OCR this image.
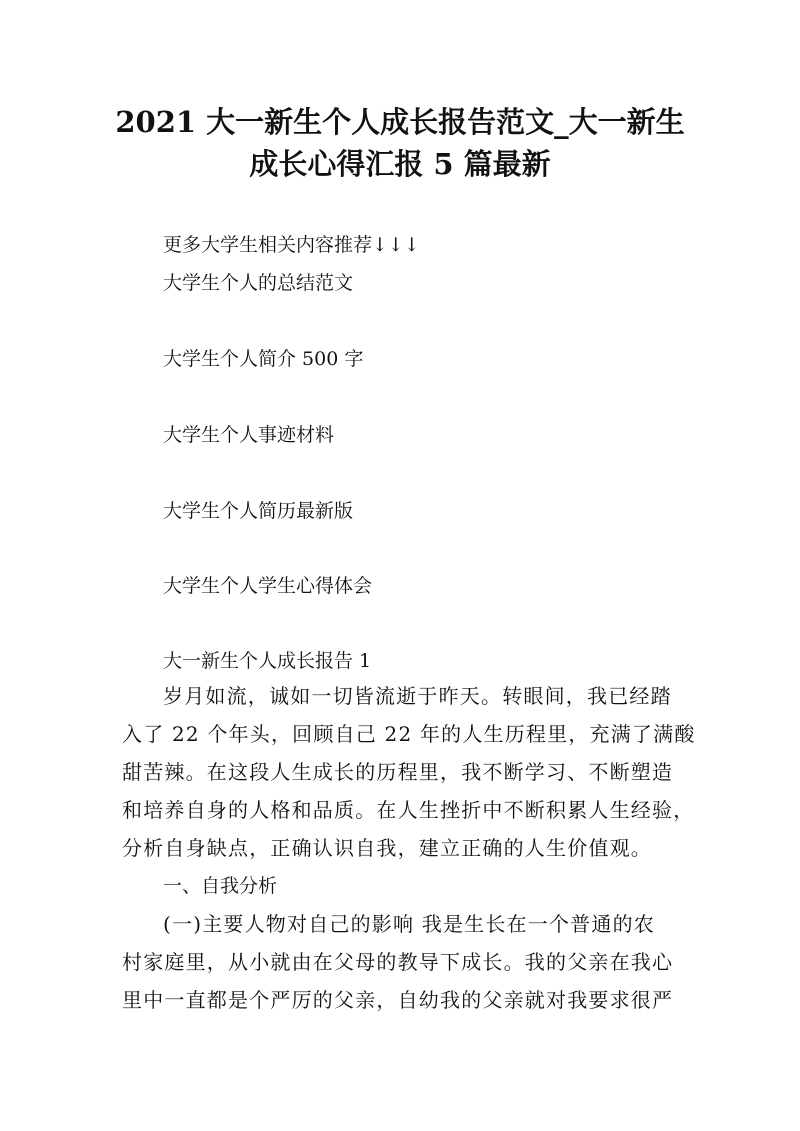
2021 大一新生个人成长报告范文_大一新生
成长心得汇报 5 篇最新
更多大学生相关内容推荐↓↓↓
大学生个人的总结范文
大学生个人简介 500 字
大学生个人事迹材料
大学生个人简历最新版
大学生个人学生心得体会
大一新生个人成长报告 1
岁月如流，诚如一切皆流逝于昨天。转眼间，我已经踏
入了 22 个年头，回顾自己 22 年的人生历程里，充满了满酸
甜苦辣。在这段人生成长的历程里，我不断学习、不断塑造
和培养自身的人格和品质。在人生挫折中不断积累人生经验，
分析自身缺点，正确认识自我，建立正确的人生价值观。
一、自我分析
(一)主要人物对自己的影响 我是生长在一个普通的农
村家庭里，从小就由在父母的教导下成长。我的父亲在我心
里中一直都是个严厉的父亲，自幼我的父亲就对我要求很严
